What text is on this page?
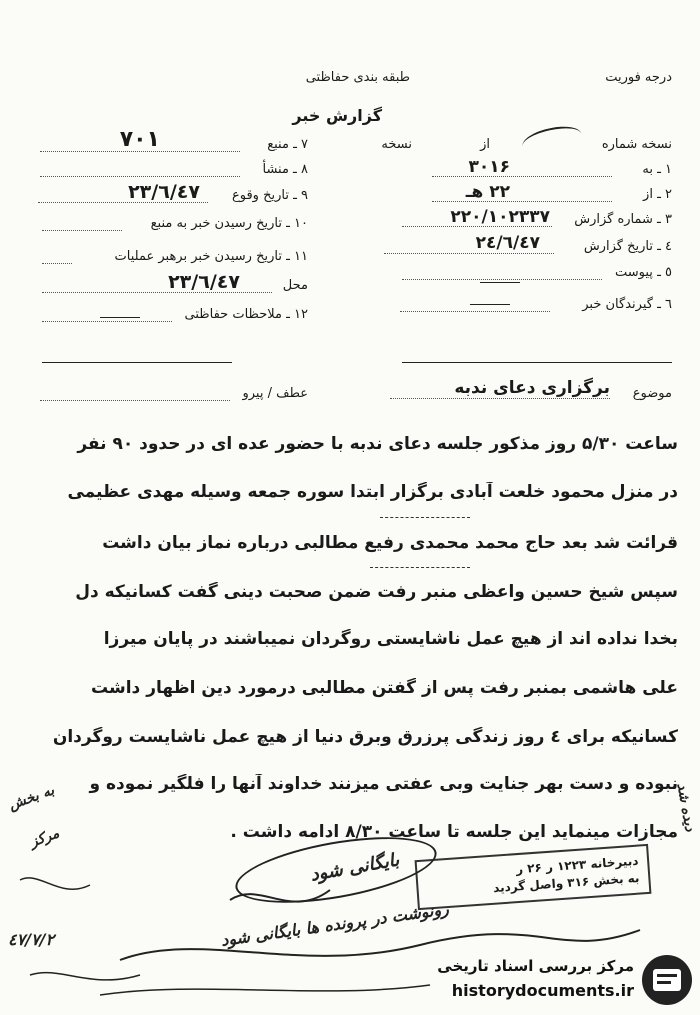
درجه فوریت
طبقه بندی حفاظتی
گزارش خبر
نسخه شماره
از
نسخه
۱ ـ به
۳۰۱۶
۲ ـ از
۲۲ هـ
۳ ـ شماره گزارش
۲۲۰/۱۰۲۳۳۷
٤ ـ تاریخ گزارش
٤۷/٦/۲٤
٥ ـ پیوست
٦ ـ گیرندگان خبر
۷ ـ منبع
۷۰۱
۸ ـ منشأ
۹ ـ تاریخ وقوع
٤۷/٦/۲۳
۱۰ ـ تاریخ رسیدن خبر به منبع
۱۱ ـ تاریخ رسیدن خبر برهبر عملیات
محل
٤۷/٦/۲۳
۱۲ ـ ملاحظات حفاظتی
موضوع
برگزاری دعای ندبه
عطف / پیرو
ساعت ۵/۳۰ روز مذکور جلسه دعای ندبه با حضور عده ای در حدود ۹۰ نفر
در منزل محمود خلعت آبادی برگزار ابتدا سوره جمعه وسیله مهدی عظیمی
قرائت شد بعد حاج محمد محمدی رفیع مطالبی درباره نماز بیان داشت
سپس شیخ حسین واعظی منبر رفت ضمن صحبت دینی گفت کسانیکه دل
بخدا نداده اند از هیچ عمل ناشایستی روگردان نمیباشند در پایان میرزا
علی هاشمی بمنبر رفت پس از گفتن مطالبی درمورد دین اظهار داشت
کسانیکه برای ٤ روز زندگی پرزرق وبرق دنیا از هیچ عمل ناشایست روگردان
نبوده و دست بهر جنایت وبی عفتی میزنند خداوند آنها را فلگیر نموده و
مجازات مینماید این جلسه تا ساعت ۸/۳۰ ادامه داشت .
دبیرخانه ۱۲۲۳ ر ۲۶ ر
به بخش ۳۱۶ واصل گردید
بایگانی شود
به بخش
مرکز
٤۷/۷/۲	رونوشت در پرونده ها بایگانی شود
دیده شد
مرکز بررسی اسناد تاریخی
historydocuments.ir
